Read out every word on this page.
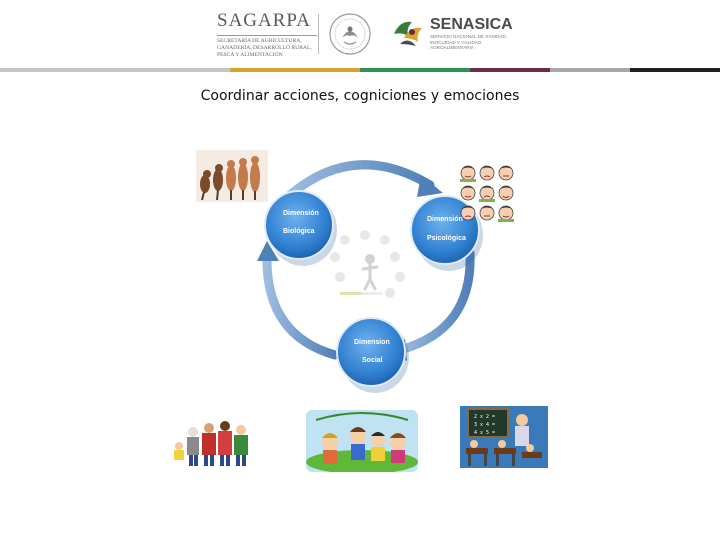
SAGARPA
SECRETARÍA DE AGRICULTURA,
GANADERÍA, DESARROLLO RURAL,
PESCA Y ALIMENTACIÓN
SENASICA
SERVICIO NACIONAL DE SANIDAD,
INOCUIDAD Y CALIDAD
AGROALIMENTARIA
Coordinar acciones, cogniciones y emociones
Dimensión
Biológica
Dimensión
Psicológica
Dimension
Social
2 x 2 =
3 x 4 =
4 x 5 =
